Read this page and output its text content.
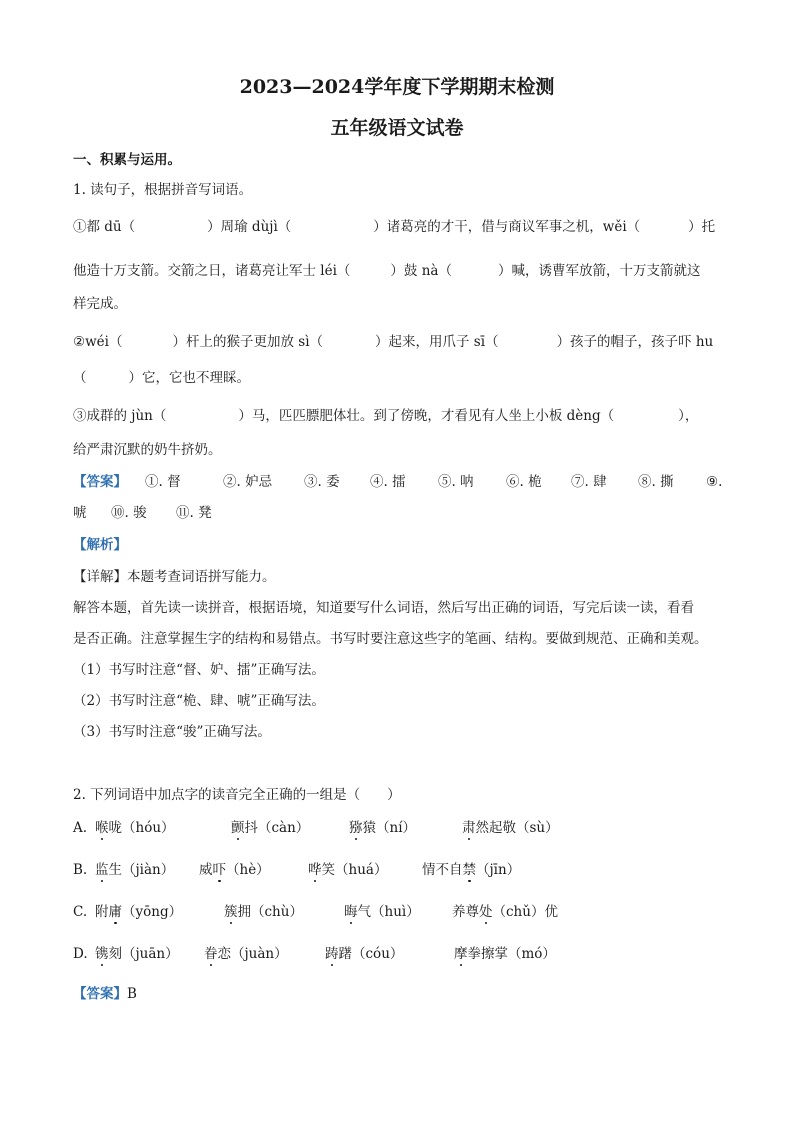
2023—2024学年度下学期期末检测
五年级语文试卷
一、积累与运用。
1. 读句子，根据拼音写词语。
①都 dū（	）周瑜 dùjì（	）诸葛亮的才干，借与商议军事之机，wěi（	）托
他造十万支箭。交箭之日，诸葛亮让军士 léi（	）鼓 nà（	）喊，诱曹军放箭，十万支箭就这
样完成。
②wéi（	）杆上的猴子更加放 sì（	）起来，用爪子 sī（	）孩子的帽子，孩子吓 hu
（	）它，它也不理睬。
③成群的 jùn（	）马，匹匹膘肥体壮。到了傍晚，才看见有人坐上小板 dèng（	），
给严肃沉默的奶牛挤奶。
【答案】 ①. 督	②. 妒忌 ③. 委 ④. 擂 ⑤. 呐 ⑥. 桅 ⑦. 肆 ⑧. 撕 ⑨.
唬 ⑩. 骏 ⑪. 凳
【解析】
【详解】本题考查词语拼写能力。
解答本题，首先读一读拼音，根据语境，知道要写什么词语，然后写出正确的词语，写完后读一读，看看
是否正确。注意掌握生字的结构和易错点。书写时要注意这些字的笔画、结构。要做到规范、正确和美观。
（1）书写时注意“督、妒、擂”正确写法。
（2）书写时注意“桅、肆、唬”正确写法。
（3）书写时注意“骏”正确写法。
2. 下列词语中加点字的读音完全正确的一组是（　　）
A. 喉咙（hóu）	颤抖（càn）	猕猿（ní）	肃然起敬（sù）
B. 监生（jiàn） 威吓（hè）	哗笑（huá）	情不自禁（jīn）
C. 附庸（yōng）	簇拥（chù）	晦气（huì） 养尊处（chǔ）优
D. 镌刻（juān） 眷恋（juàn）	踌躇（cóu）	摩拳擦掌（mó）
【答案】B
